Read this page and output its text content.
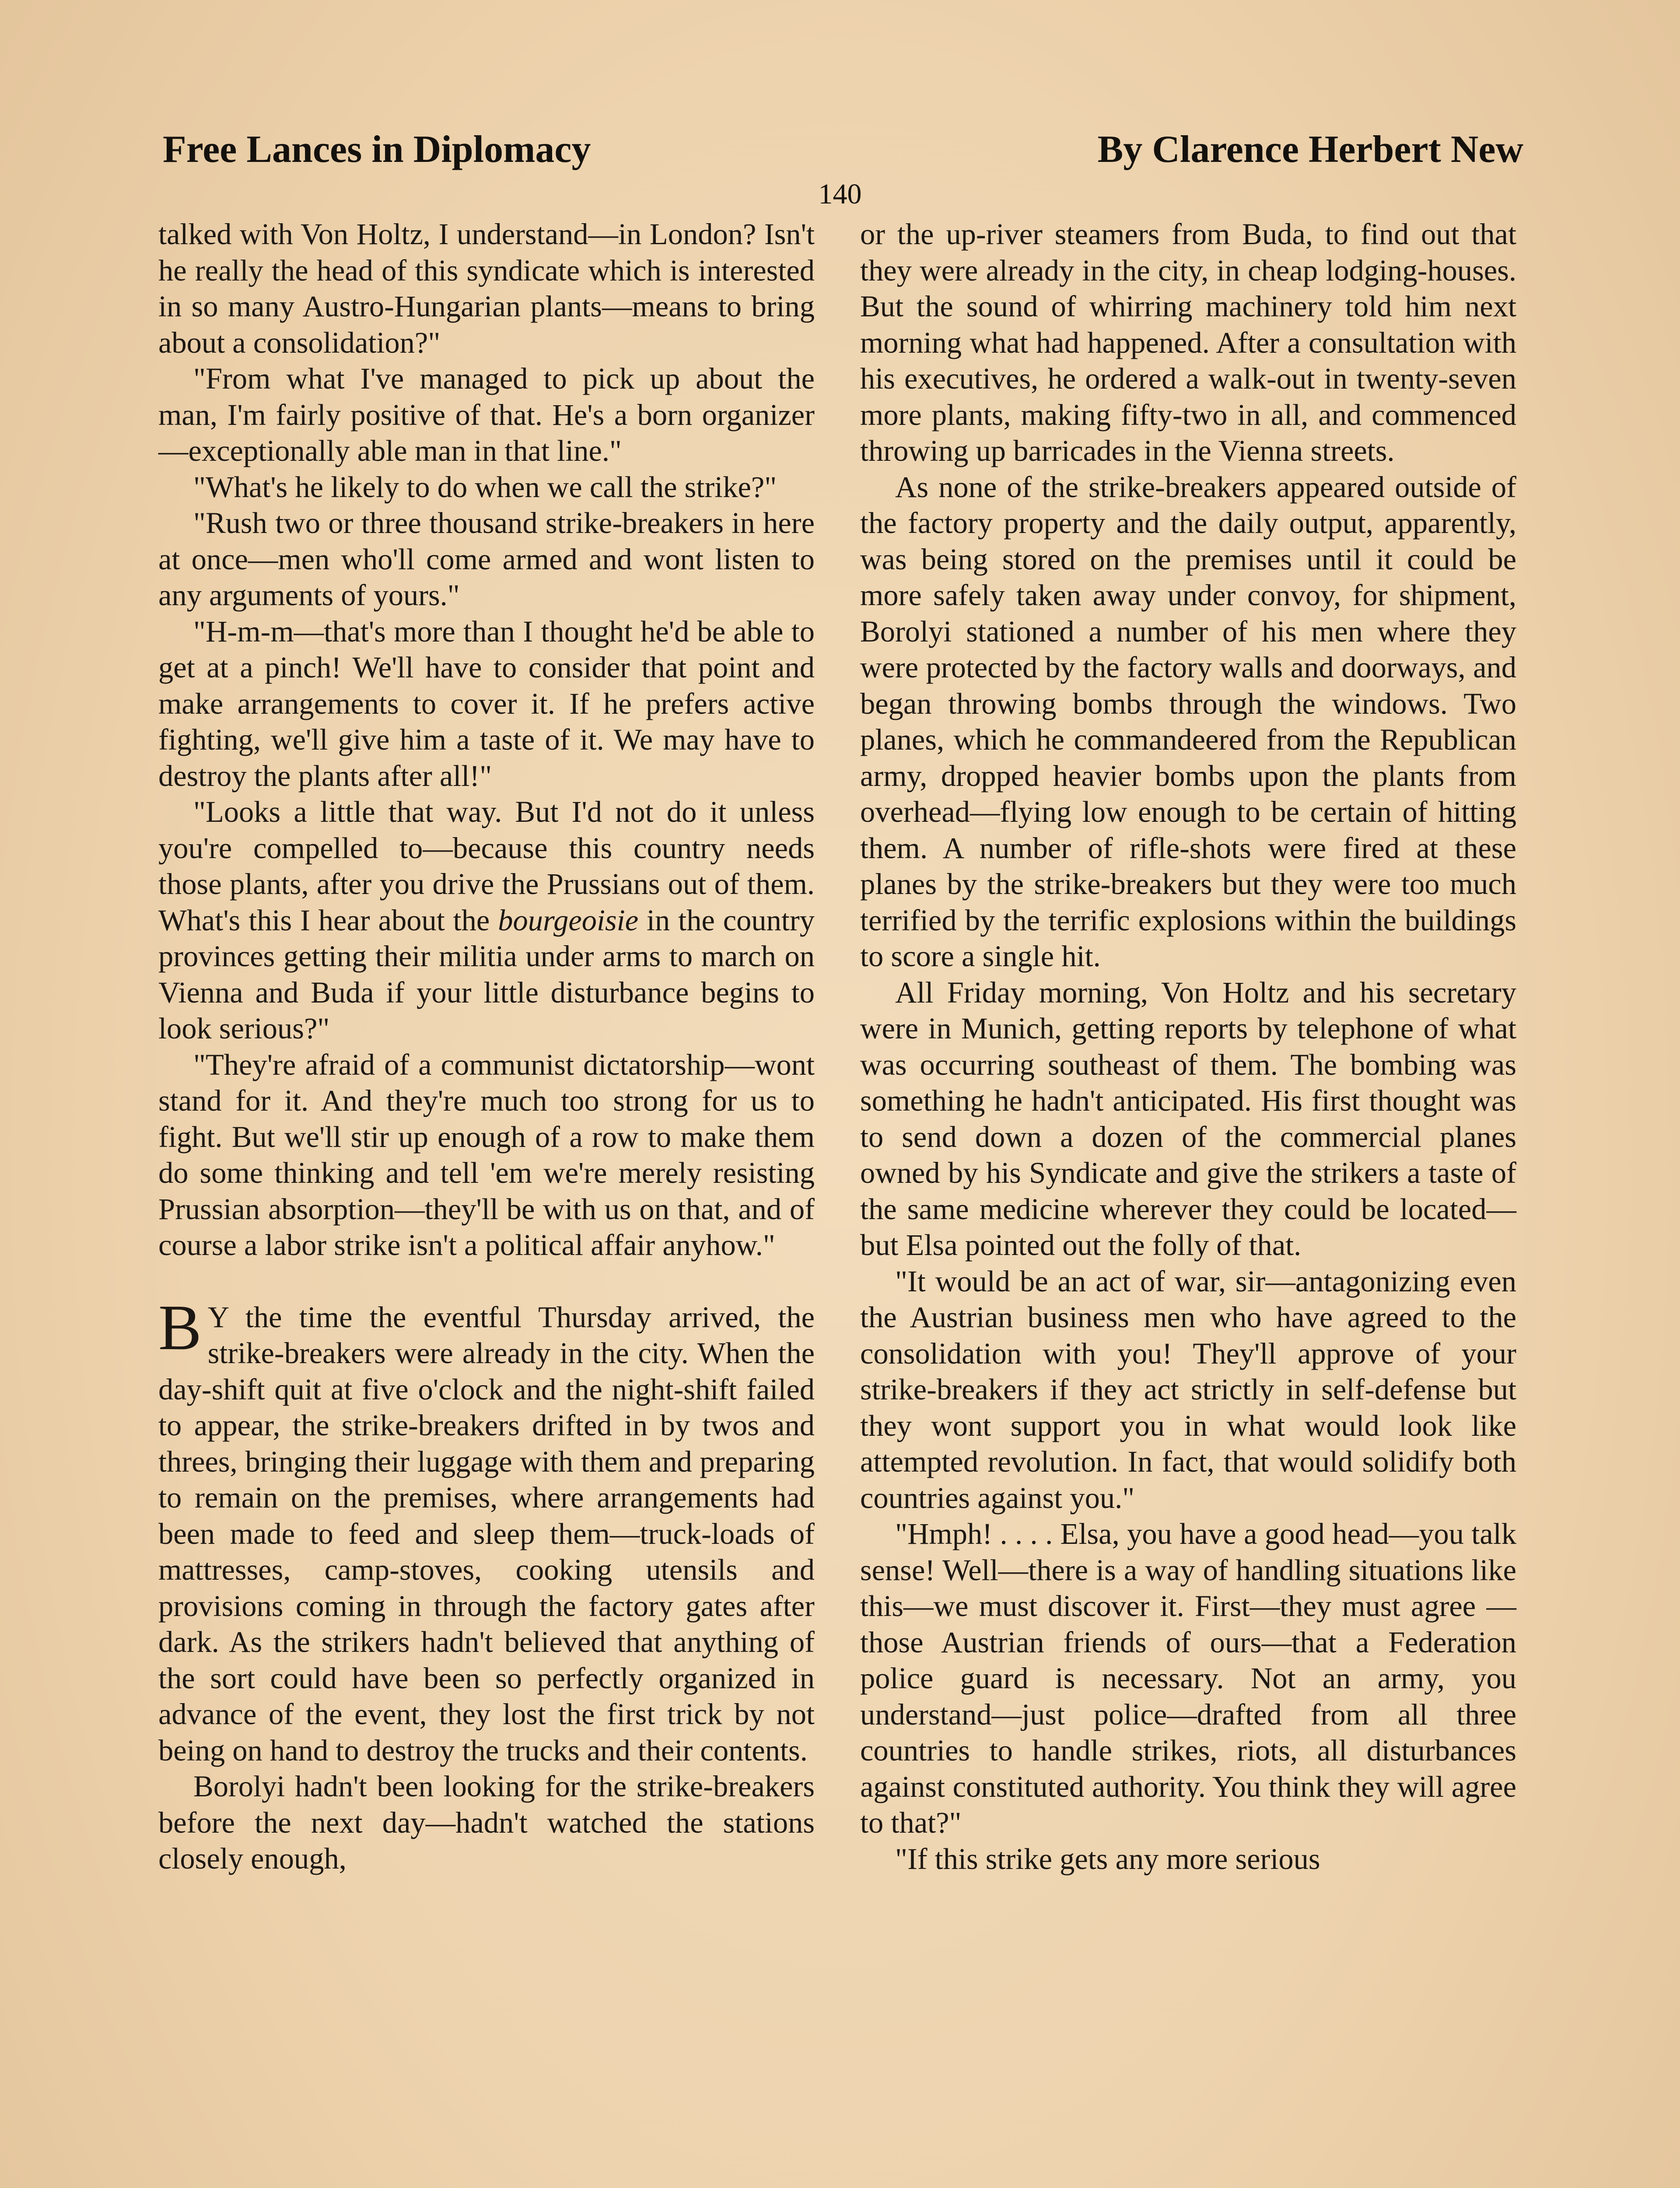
Free Lances in Diplomacy	By Clarence Herbert New
140

talked with Von Holtz, I understand—in London? Isn't he really the head of this syndicate which is interested in so many Austro-Hungarian plants—means to bring about a consolidation?"

"From what I've managed to pick up about the man, I'm fairly positive of that. He's a born organizer—exceptionally able man in that line."

"What's he likely to do when we call the strike?"

"Rush two or three thousand strike-breakers in here at once—men who'll come armed and wont listen to any arguments of yours."

"H-m-m—that's more than I thought he'd be able to get at a pinch! We'll have to consider that point and make arrangements to cover it. If he prefers active fighting, we'll give him a taste of it. We may have to destroy the plants after all!"

"Looks a little that way. But I'd not do it unless you're compelled to—because this country needs those plants, after you drive the Prussians out of them. What's this I hear about the bourgeoisie in the country provinces getting their militia under arms to march on Vienna and Buda if your little disturbance begins to look serious?"

"They're afraid of a communist dictatorship—wont stand for it. And they're much too strong for us to fight. But we'll stir up enough of a row to make them do some thinking and tell 'em we're merely resisting Prussian absorption—they'll be with us on that, and of course a labor strike isn't a political affair anyhow."

B Y the time the eventful Thursday arrived, the strike-breakers were already in the city. When the day-shift quit at five o'clock and the night-shift failed to appear, the strike-breakers drifted in by twos and threes, bringing their luggage with them and preparing to remain on the premises, where arrangements had been made to feed and sleep them—truck-loads of mattresses, camp-stoves, cooking utensils and provisions coming in through the factory gates after dark. As the strikers hadn't believed that anything of the sort could have been so perfectly organized in advance of the event, they lost the first trick by not being on hand to destroy the trucks and their contents.

Borolyi hadn't been looking for the strike-breakers before the next day—hadn't watched the stations closely enough,

or the up-river steamers from Buda, to find out that they were already in the city, in cheap lodging-houses. But the sound of whirring machinery told him next morning what had happened. After a consultation with his executives, he ordered a walk-out in twenty-seven more plants, making fifty-two in all, and commenced throwing up barricades in the Vienna streets.

As none of the strike-breakers appeared outside of the factory property and the daily output, apparently, was being stored on the premises until it could be more safely taken away under convoy, for shipment, Borolyi stationed a number of his men where they were protected by the factory walls and doorways, and began throwing bombs through the windows. Two planes, which he commandeered from the Republican army, dropped heavier bombs upon the plants from overhead—flying low enough to be certain of hitting them. A number of rifle-shots were fired at these planes by the strike-breakers but they were too much terrified by the terrific explosions within the buildings to score a single hit.

All Friday morning, Von Holtz and his secretary were in Munich, getting reports by telephone of what was occurring southeast of them. The bombing was something he hadn't anticipated. His first thought was to send down a dozen of the commercial planes owned by his Syndicate and give the strikers a taste of the same medicine wherever they could be located—but Elsa pointed out the folly of that.

"It would be an act of war, sir—antagonizing even the Austrian business men who have agreed to the consolidation with you! They'll approve of your strike-breakers if they act strictly in self-defense but they wont support you in what would look like attempted revolution. In fact, that would solidify both countries against you."

"Hmph! . . . . Elsa, you have a good head—you talk sense! Well—there is a way of handling situations like this—we must discover it. First—they must agree —those Austrian friends of ours—that a Federation police guard is necessary. Not an army, you understand—just police—drafted from all three countries to handle strikes, riots, all disturbances against constituted authority. You think they will agree to that?"

"If this strike gets any more serious
